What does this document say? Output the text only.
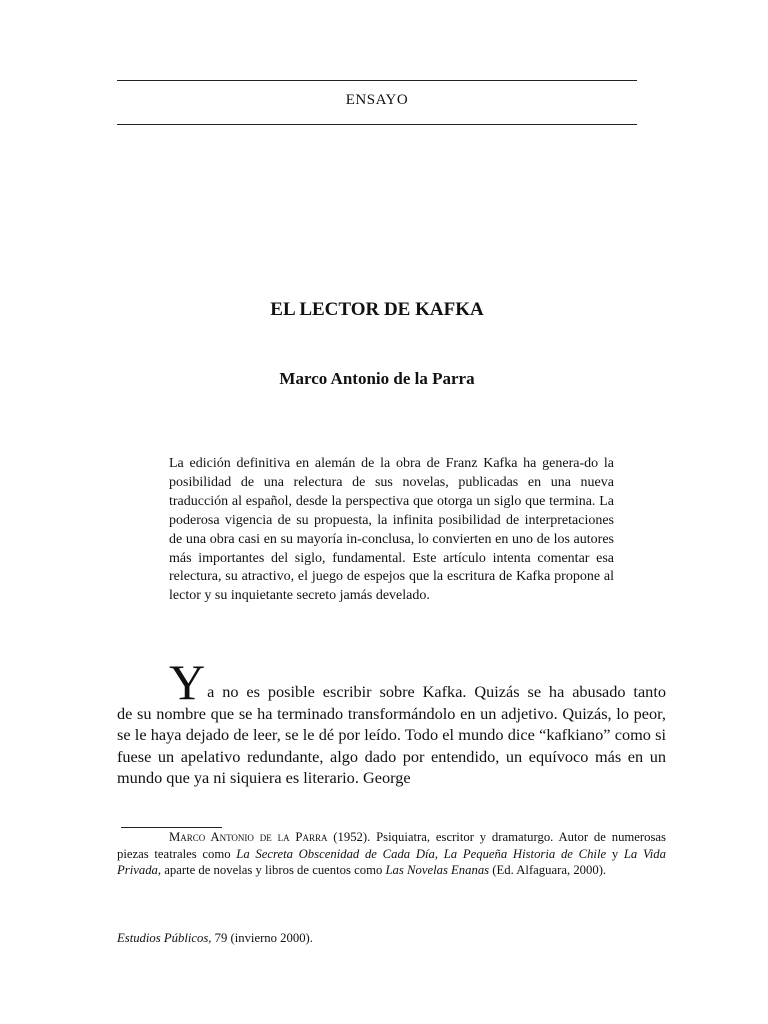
ENSAYO
EL LECTOR DE KAFKA
Marco Antonio de la Parra

La edición definitiva en alemán de la obra de Franz Kafka ha genera-do la posibilidad de una relectura de sus novelas, publicadas en una nueva traducción al español, desde la perspectiva que otorga un siglo que termina. La poderosa vigencia de su propuesta, la infinita posibilidad de interpretaciones de una obra casi en su mayoría in-conclusa, lo convierten en uno de los autores más importantes del siglo, fundamental. Este artículo intenta comentar esa relectura, su atractivo, el juego de espejos que la escritura de Kafka propone al lector y su inquietante secreto jamás develado.

Ya no es posible escribir sobre Kafka. Quizás se ha abusado tanto
de su nombre que se ha terminado transformándolo en un adjetivo. Quizás, lo peor, se le haya dejado de leer, se le dé por leído. Todo el mundo dice “kafkiano” como si fuese un apelativo redundante, algo dado por entendido, un equívoco más en un mundo que ya ni siquiera es literario. George

Marco Antonio de la Parra (1952). Psiquiatra, escritor y dramaturgo. Autor de numerosas piezas teatrales como La Secreta Obscenidad de Cada Día, La Pequeña Historia de Chile y La Vida Privada, aparte de novelas y libros de cuentos como Las Novelas Enanas (Ed. Alfaguara, 2000).

Estudios Públicos, 79 (invierno 2000).
